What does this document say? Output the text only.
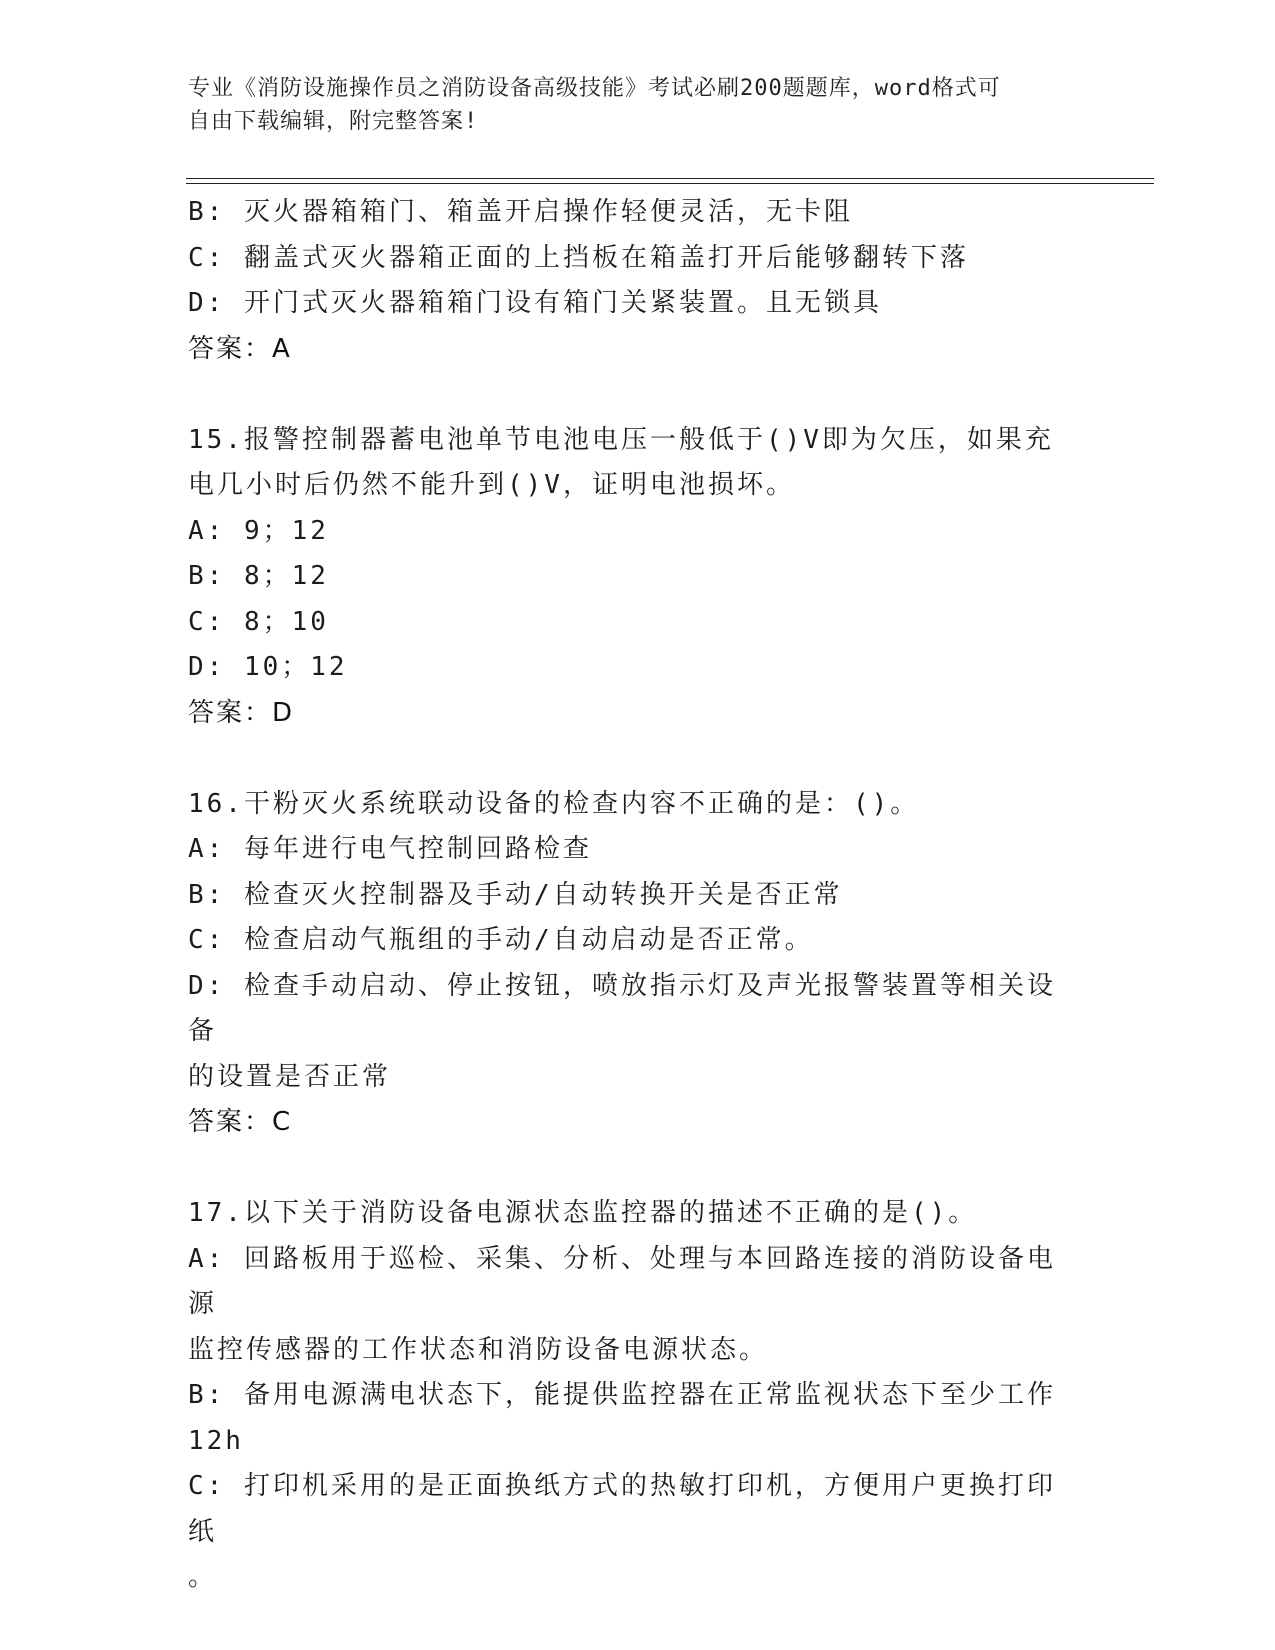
专业《消防设施操作员之消防设备高级技能》考试必刷200题题库，word格式可
自由下载编辑，附完整答案!
B: 灭火器箱箱门、箱盖开启操作轻便灵活，无卡阻
C: 翻盖式灭火器箱正面的上挡板在箱盖打开后能够翻转下落
D: 开门式灭火器箱箱门设有箱门关紧装置。且无锁具
答案：A
15.报警控制器蓄电池单节电池电压一般低于()V即为欠压，如果充
电几小时后仍然不能升到()V，证明电池损坏。
A: 9；12
B: 8；12
C: 8；10
D: 10；12
答案：D
16.干粉灭火系统联动设备的检查内容不正确的是：()。
A: 每年进行电气控制回路检查
B: 检查灭火控制器及手动/自动转换开关是否正常
C: 检查启动气瓶组的手动/自动启动是否正常。
D: 检查手动启动、停止按钮，喷放指示灯及声光报警装置等相关设备
的设置是否正常
答案：C
17.以下关于消防设备电源状态监控器的描述不正确的是()。
A: 回路板用于巡检、采集、分析、处理与本回路连接的消防设备电源
监控传感器的工作状态和消防设备电源状态。
B: 备用电源满电状态下，能提供监控器在正常监视状态下至少工作
12h
C: 打印机采用的是正面换纸方式的热敏打印机，方便用户更换打印纸
。
